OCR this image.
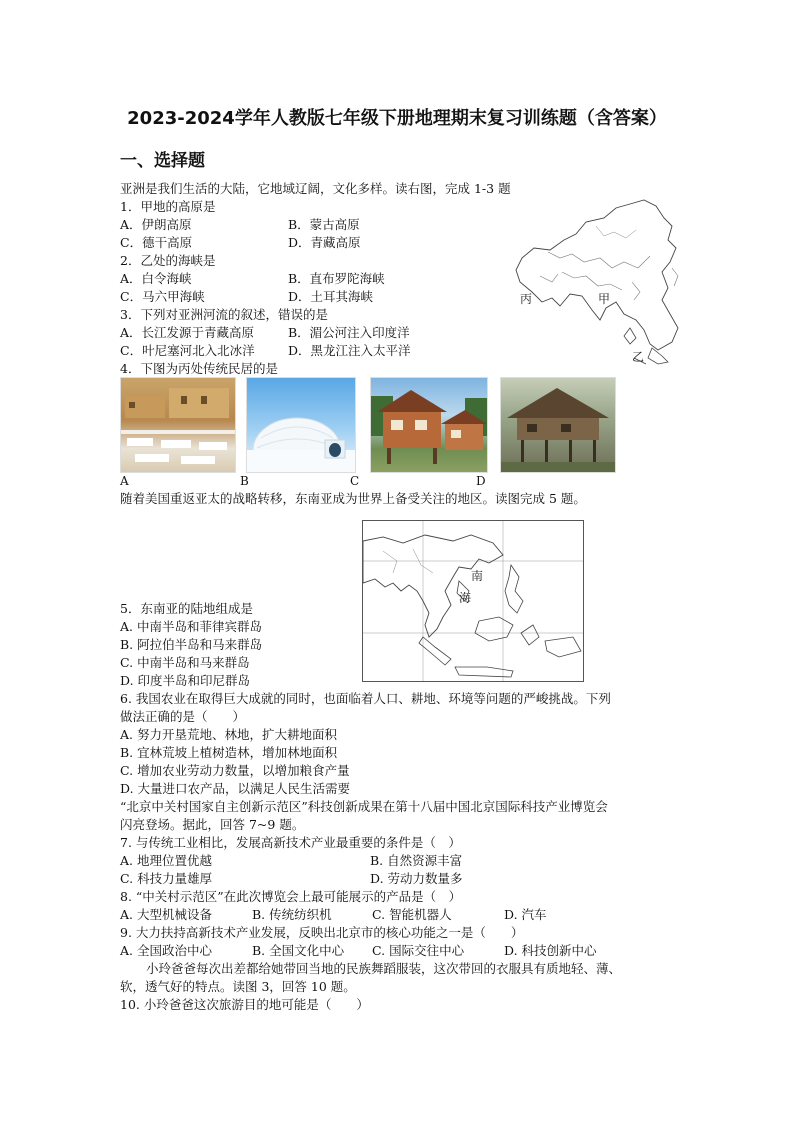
2023-2024学年人教版七年级下册地理期末复习训练题（含答案）
一、选择题
亚洲是我们生活的大陆，它地域辽阔，文化多样。读右图，完成 1-3 题
1．甲地的高原是
A．伊朗高原	B．蒙古高原
C．德干高原	D．青藏高原
2．乙处的海峡是
A．白令海峡	B．直布罗陀海峡
C．马六甲海峡	D．土耳其海峡
3．下列对亚洲河流的叙述，错误的是
A．长江发源于青藏高原	B．湄公河注入印度洋
C．叶尼塞河北入北冰洋	D．黑龙江注入太平洋
丙	甲
乙
4．下图为丙处传统民居的是
A	B	C	D
随着美国重返亚太的战略转移，东南亚成为世界上备受关注的地区。读图完成 5 题。
南
海
5．东南亚的陆地组成是
A. 中南半岛和菲律宾群岛
B. 阿拉伯半岛和马来群岛
C. 中南半岛和马来群岛
D. 印度半岛和印尼群岛
6. 我国农业在取得巨大成就的同时，也面临着人口、耕地、环境等问题的严峻挑战。下列
做法正确的是（　　）
A. 努力开垦荒地、林地，扩大耕地面积
B. 宜林荒坡上植树造林，增加林地面积
C. 增加农业劳动力数量，以增加粮食产量
D. 大量进口农产品，以满足人民生活需要
“北京中关村国家自主创新示范区”科技创新成果在第十八届中国北京国际科技产业博览会
闪亮登场。据此，回答 7~9 题。
7. 与传统工业相比，发展高新技术产业最重要的条件是（　）
A. 地理位置优越	B. 自然资源丰富
C. 科技力量雄厚	D. 劳动力数量多
8. “中关村示范区”在此次博览会上最可能展示的产品是（　）
A. 大型机械设备	B. 传统纺织机	C. 智能机器人	D. 汽车
9. 大力扶持高新技术产业发展，反映出北京市的核心功能之一是（　　）
A. 全国政治中心	B. 全国文化中心 C. 国际交往中心	D. 科技创新中心
小玲爸爸每次出差都给她带回当地的民族舞蹈服装，这次带回的衣服具有质地轻、薄、
软，透气好的特点。读图 3，回答 10 题。
10. 小玲爸爸这次旅游目的地可能是（　　）
